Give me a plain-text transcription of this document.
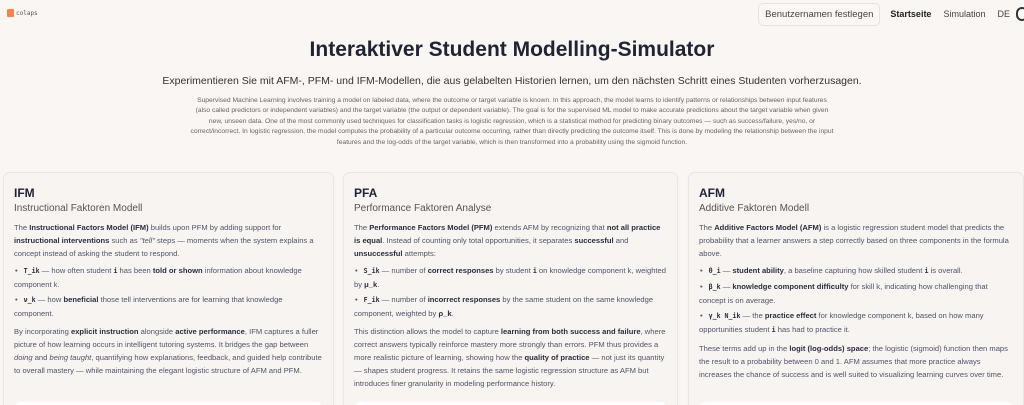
colaps	Benutzernamen festlegen	Startseite Simulation DE
Interaktiver Student Modelling-Simulator
Experimentieren Sie mit AFM-, PFM- und IFM-Modellen, die aus gelabelten Historien lernen, um den nächsten Schritt eines Studenten vorherzusagen.

Supervised Machine Learning involves training a model on labeled data, where the outcome or target variable is known. In this approach, the model learns to identify patterns or relationships between input features (also called predictors or independent variables) and the target variable (the output or dependent variable). The goal is for the supervised ML model to make accurate predictions about the target variable when given new, unseen data. One of the most commonly used techniques for classification tasks is logistic regression, which is a statistical method for predicting binary outcomes — such as success/failure, yes/no, or correct/incorrect. In logistic regression, the model computes the probability of a particular outcome occurring, rather than directly predicting the outcome itself. This is done by modeling the relationship between the input features and the log-odds of the target variable, which is then transformed into a probability using the sigmoid function.

IFM
Instructional Faktoren Modell

The Instructional Factors Model (IFM) builds upon PFM by adding support for instructional interventions such as "tell" steps — moments when the system explains a concept instead of asking the student to respond.

• T_ik — how often student i has been told or shown information about knowledge component k.
• ν_k — how beneficial those tell interventions are for learning that knowledge component.

By incorporating explicit instruction alongside active performance, IFM captures a fuller picture of how learning occurs in intelligent tutoring systems. It bridges the gap between doing and being taught, quantifying how explanations, feedback, and guided help contribute to overall mastery — while maintaining the elegant logistic structure of AFM and PFM.

PFA
Performance Faktoren Analyse

The Performance Factors Model (PFM) extends AFM by recognizing that not all practice is equal. Instead of counting only total opportunities, it separates successful and unsuccessful attempts:

• S_ik — number of correct responses by student i on knowledge component k, weighted by μ_k.
• F_ik — number of incorrect responses by the same student on the same knowledge component, weighted by ρ_k.

This distinction allows the model to capture learning from both success and failure, where correct answers typically reinforce mastery more strongly than errors. PFM thus provides a more realistic picture of learning, showing how the quality of practice — not just its quantity — shapes student progress. It retains the same logistic regression structure as AFM but introduces finer granularity in modeling performance history.

AFM
Additive Faktoren Modell

The Additive Factors Model (AFM) is a logistic regression student model that predicts the probability that a learner answers a step correctly based on three components in the formula above.

• θ_i — student ability, a baseline capturing how skilled student i is overall.
• β_k — knowledge component difficulty for skill k, indicating how challenging that concept is on average.
• γ_k N_ik — the practice effect for knowledge component k, based on how many opportunities student i has had to practice it.

These terms add up in the logit (log-odds) space; the logistic (sigmoid) function then maps the result to a probability between 0 and 1. AFM assumes that more practice always increases the chance of success and is well suited to visualizing learning curves over time.
